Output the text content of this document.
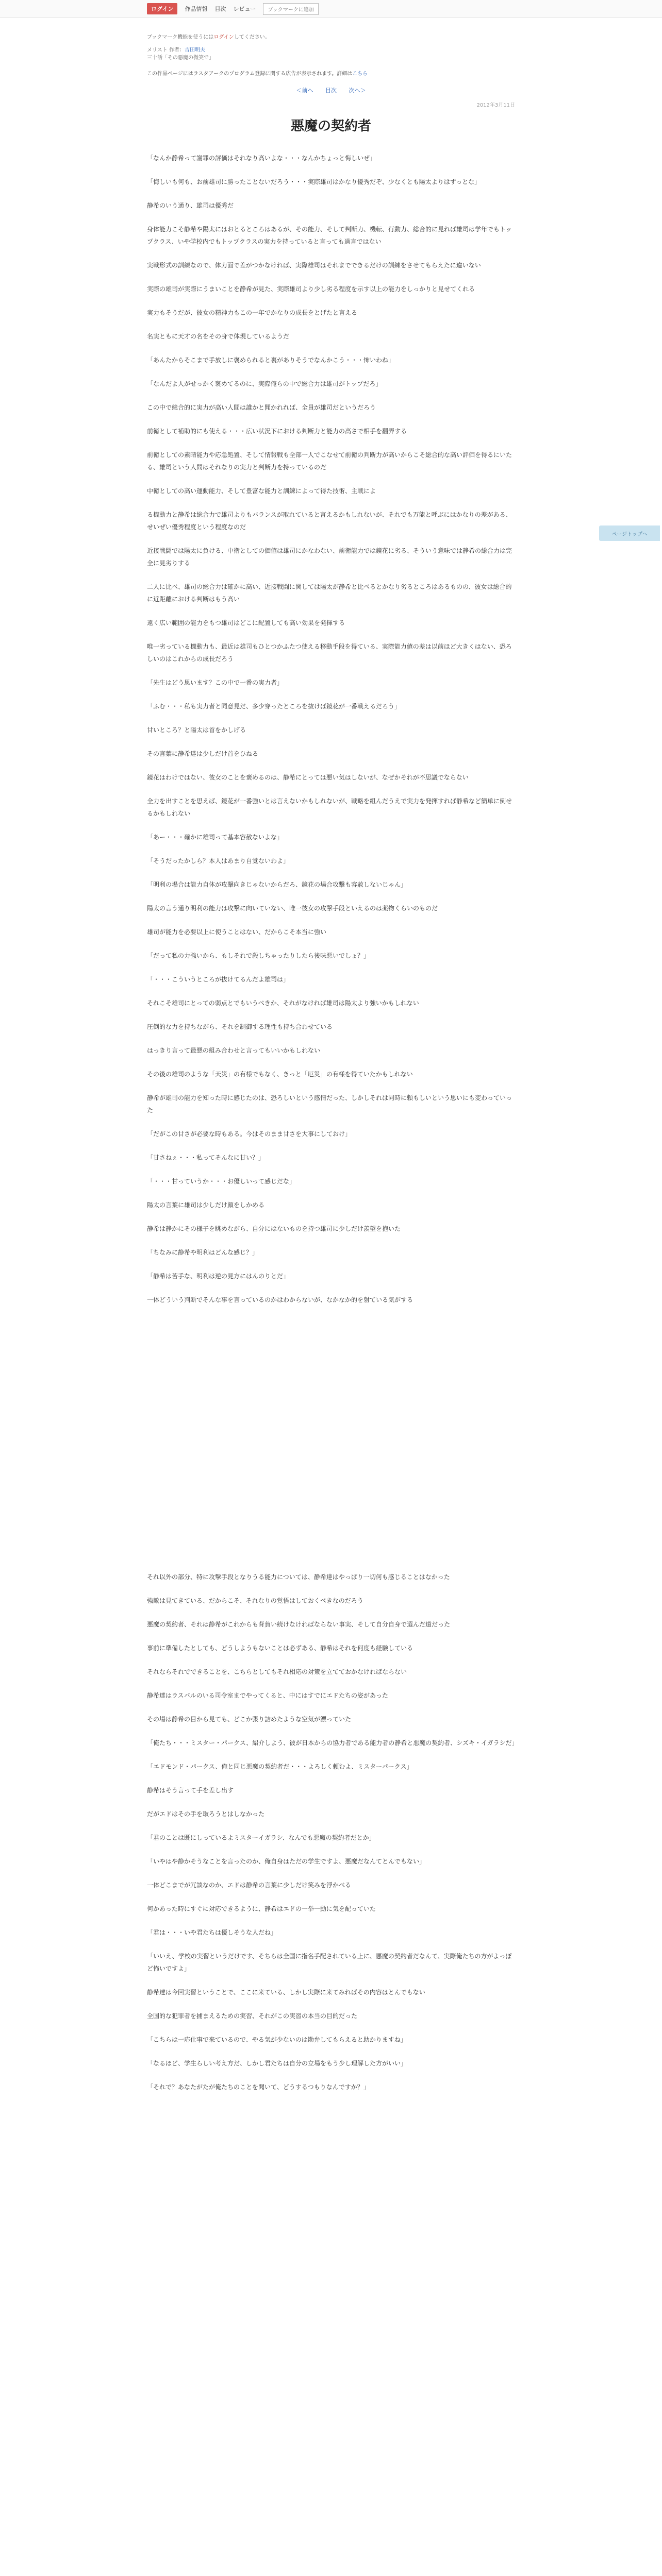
ログイン	作品情報 目次 レビュー	ブックマークに追加
ブックマーク機能を使うにはログインしてください。
メリスト 作者：吉田明夫
三十話「その悪魔の微笑で」
この作品ページにはラスタアークのプログラム登録に関する広告が表示されます。詳細はこちら
＜前へ 目次 次へ＞
2012年3月11日
悪魔の契約者

「なんか静希って謝罪の評価はそれなり高いよな・・・なんかちょっと悔しいぜ」

「悔しいも何も、お前雄司に勝ったことないだろう・・・実際雄司はかなり優秀だぞ、少なくとも陽太よりはずっとな」

静希のいう通り、雄司は優秀だ

身体能力こそ静希や陽太にはおとるところはあるが、その能力、そして判断力、機転、行動力、総合的に見れば雄司は学年でもトップクラス、いや学校内でもトップクラスの実力を持っていると言っても過言ではない

実戦形式の訓練なので、体力面で差がつかなければ、実際雄司はそれまでできるだけの訓練をさせてもらえたに違いない

実際の雄司が実際にうまいことを静希が見た、実際雄司より少し劣る程度を示す以上の能力をしっかりと見せてくれる

実力もそうだが、彼女の精神力もこの一年でかなりの成長をとげたと言える

名実ともに天才の名をその身で体現しているようだ

「あんたからそこまで手放しに褒められると裏がありそうでなんかこう・・・怖いわね」

「なんだよ人がせっかく褒めてるのに、実際俺らの中で総合力は雄司がトップだろ」

この中で総合的に実力が高い人間は誰かと聞かれれば、全員が雄司だというだろう

前衛として補助的にも使える・・・広い状況下における判断力と能力の高さで相手を翻弄する

前衛としての素晴能力や応急処置、そして情報戦も全部一人でこなせて前衛の判断力が高いからこそ総合的な高い評価を得るにいたる、雄司という人間はそれなりの実力と判断力を持っているのだ

中衛としての高い運動能力、そして豊富な能力と訓練によって得た技術、主戦によ

る機動力と静希は総合力で雄司よりもバランスが取れていると言えるかもしれないが、それでも万能と呼ぶにはかなりの差がある、せいぜい優秀程度という程度なのだ

近接戦闘では陽太に負ける、中衛としての価値は雄司にかなわない、前衛能力では鏡花に劣る、そういう意味では静希の総合力は完全に見劣りする

二人に比べ、雄司の総合力は確かに高い、近接戦闘に関しては陽太が静希と比べるとかなり劣るところはあるものの、彼女は総合的に近距離における判断はもう高い

遠く広い範囲の能力をもつ雄司はどこに配置しても高い効果を発揮する

唯一劣っている機動力も、最近は雄司もひとつかふたつ使える移動手段を得ている、実際能力値の差は以前ほど大きくはない、恐ろしいのはこれからの成長だろう

「先生はどう思います？この中で一番の実力者」

「ふむ・・・私も実力者と同意見だ、多少穿ったところを抜けば鏡花が一番戦えるだろう」

甘いところ？と陽太は首をかしげる

その言葉に静希達は少しだけ首をひねる

鏡花はわけではない、彼女のことを褒めるのは、静希にとっては悪い気はしないが、なぜかそれが不思議でならない

全力を出すことを思えば、鏡花が一番強いとは言えないかもしれないが、戦略を組んだうえで実力を発揮すれば静希など簡単に倒せるかもしれない

「あー・・・確かに雄司って基本容赦ないよな」

「そうだったかしら？本人はあまり自覚ないわよ」

「明利の場合は能力自体が攻撃向きじゃないからだろ、鏡花の場合攻撃も容赦しないじゃん」

陽太の言う通り明利の能力は攻撃に向いていない、唯一彼女の攻撃手段といえるのは薬物くらいのものだ

雄司が能力を必要以上に使うことはない、だからこそ本当に強い

「だって私の力強いから、もしそれで殺しちゃったりしたら後味悪いでしょ？」

「・・・こういうところが抜けてるんだよ雄司は」

それこそ雄司にとっての弱点とでもいうべきか、それがなければ雄司は陽太より強いかもしれない

圧倒的な力を持ちながら、それを制御する理性も持ち合わせている

はっきり言って最悪の組み合わせと言ってもいいかもしれない

その後の雄司のような「天災」の有様でもなく、きっと「厄災」の有様を得ていたかもしれない

静希が雄司の能力を知った時に感じたのは、恐ろしいという感情だった、しかしそれは同時に頼もしいという思いにも変わっていった

「だがこの甘さが必要な時もある。今はそのまま甘さを大事にしておけ」

「甘さねぇ・・・私ってそんなに甘い？」

「・・・甘っていうか・・・お優しいって感じだな」

陽太の言葉に雄司は少しだけ顔をしかめる

静希は静かにその様子を眺めながら、自分にはないものを持つ雄司に少しだけ羨望を抱いた

「ちなみに静希や明利はどんな感じ？」

「静希は苦手な、明利は逆の見方にはんのりとだ」

一体どういう判断でそんな事を言っているのかはわからないが、なかなか的を射ている気がする

それ以外の部分、特に攻撃手段となりうる能力については、静希達はやっぱり一切何も感じることはなかった

強敵は見てきている、だからこそ、それなりの覚悟はしておくべきなのだろう

悪魔の契約者、それは静希がこれからも背負い続けなければならない事実、そして自分自身で選んだ道だった

事前に準備したとしても、どうしようもないことは必ずある、静希はそれを何度も経験している

それならそれでできることを、こちらとしてもそれ相応の対策を立てておかなければならない

静希達はラスバルのいる司令室までやってくると、中にはすでにエドたちの姿があった

その場は静希の目から見ても、どこか張り詰めたような空気が漂っていた

「俺たち・・・ミスター・パークス、紹介しよう、彼が日本からの協力者である能力者の静希と悪魔の契約者、シズキ・イガラシだ」

「エドモンド・パークス、俺と同じ悪魔の契約者だ・・・よろしく頼むよ、ミスターパークス」

静希はそう言って手を差し出す

だがエドはその手を取ろうとはしなかった

「君のことは既にしっているよミスターイガラシ、なんでも悪魔の契約者だとか」

「いやはや静かそうなことを言ったのか、俺自身はただの学生ですよ、悪魔だなんてとんでもない」

一体どこまでが冗談なのか、エドは静希の言葉に少しだけ笑みを浮かべる

何かあった時にすぐに対応できるように、静希はエドの一挙一動に気を配っていた

「君は・・・いや君たちは優しそうな人だね」

「いいえ、学校の実習というだけです、そちらは全国に指名手配されている上に、悪魔の契約者だなんて、実際俺たちの方がよっぽど怖いですよ」

静希達は今回実習ということで、ここに来ている、しかし実際に来てみればその内容はとんでもない

全国的な犯罪者を捕まえるための実習、それがこの実習の本当の目的だった

「こちらは一応仕事で来ているので、やる気が少ないのは勘弁してもらえると助かりますね」

「なるほど、学生らしい考え方だ、しかし君たちは自分の立場をもう少し理解した方がいい」

「それで？あなたがたが俺たちのことを聞いて、どうするつもりなんですか？」

ページトップへ
